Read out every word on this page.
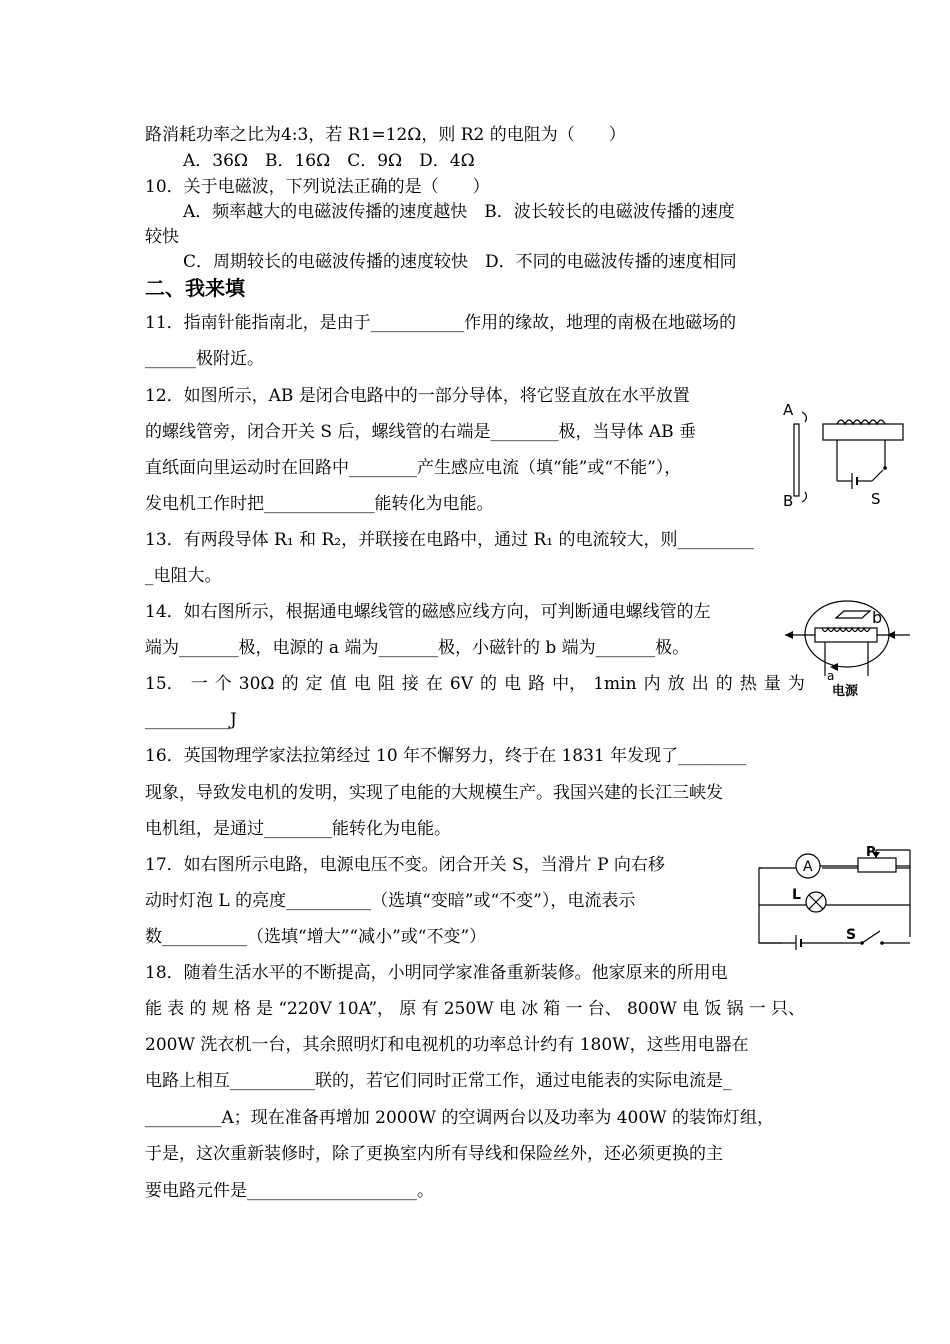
路消耗功率之比为4:3，若 R1=12Ω，则 R2 的电阻为（　　）
A．36Ω　B．16Ω　C．9Ω　D．4Ω
10．关于电磁波，下列说法正确的是（　　）
A．频率越大的电磁波传播的速度越快　B．波长较长的电磁波传播的速度
较快
C．周期较长的电磁波传播的速度较快　D．不同的电磁波传播的速度相同
二、我来填
11．指南针能指南北，是由于___________作用的缘故，地理的南极在地磁场的
______极附近。
12．如图所示，AB 是闭合电路中的一部分导体，将它竖直放在水平放置
的螺线管旁，闭合开关 S 后，螺线管的右端是________极，当导体 AB 垂
直纸面向里运动时在回路中________产生感应电流（填“能”或“不能”），
发电机工作时把_____________能转化为电能。
A
B	S
13．有两段导体 R₁ 和 R₂，并联接在电路中，通过 R₁ 的电流较大，则_________
_电阻大。
14．如右图所示，根据通电螺线管的磁感应线方向，可判断通电螺线管的左
端为_______极，电源的 a 端为_______极，小磁针的 b 端为_______极。
b
a
电源
15． 一 个 30Ω 的 定 值 电 阻 接 在 6V 的 电 路 中， 1min 内 放 出 的 热 量 为
__________J
16．英国物理学家法拉第经过 10 年不懈努力，终于在 1831 年发现了________
现象，导致发电机的发明，实现了电能的大规模生产。我国兴建的长江三峡发
电机组，是通过________能转化为电能。
17．如右图所示电路，电源电压不变。闭合开关 S，当滑片 P 向右移
动时灯泡 L 的亮度__________（选填“变暗”或“不变”），电流表示
数__________（选填“增大”“减小”或“不变”）
A
P
L
S
18．随着生活水平的不断提高，小明同学家准备重新装修。他家原来的所用电
能 表 的 规 格 是 “220V 10A”， 原 有 250W 电 冰 箱 一 台、 800W 电 饭 锅 一 只、
200W 洗衣机一台，其余照明灯和电视机的功率总计约有 180W，这些用电器在
电路上相互__________联的，若它们同时正常工作，通过电能表的实际电流是_
_________A；现在准备再增加 2000W 的空调两台以及功率为 400W 的装饰灯组，
于是，这次重新装修时，除了更换室内所有导线和保险丝外，还必须更换的主
要电路元件是____________________。
